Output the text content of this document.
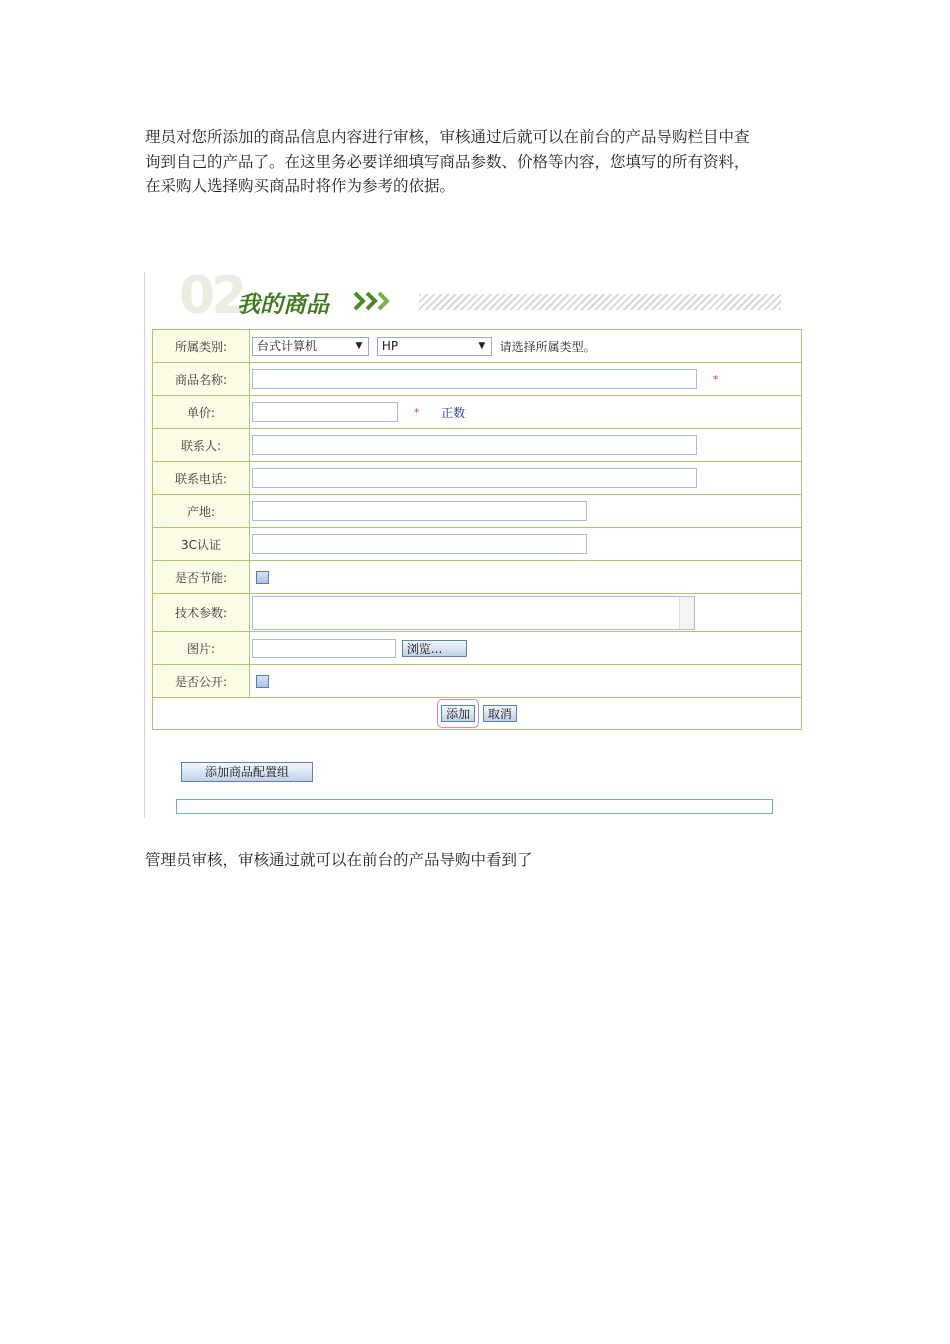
理员对您所添加的商品信息内容进行审核，审核通过后就可以在前台的产品导购栏目中查

询到自己的产品了。在这里务必要详细填写商品参数、价格等内容，您填写的所有资料，

在采购人选择购买商品时将作为参考的依据。

02
我的商品
所属类别:	台式计算机 ▼ HP ▼ 请选择所属类型。
商品名称:	*
单价:	* 正数
联系人:	
联系电话:	
产地:	
3C认证	
是否节能:	
技术参数:	

图片:	浏览...
是否公开:	
添加 取消	
添加商品配置组

管理员审核，审核通过就可以在前台的产品导购中看到了
